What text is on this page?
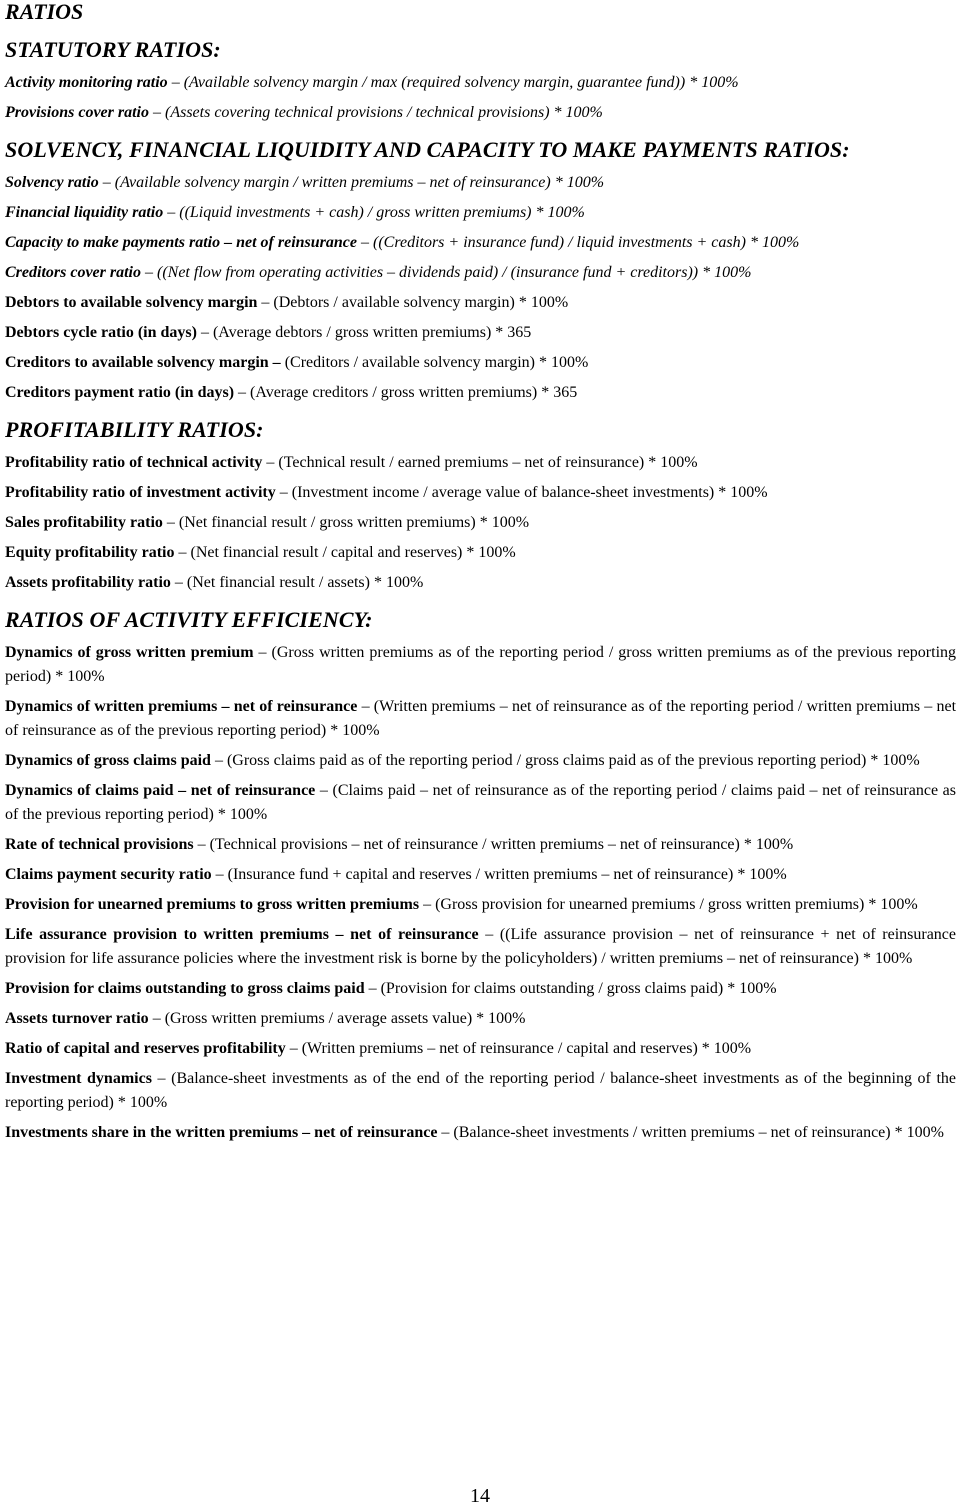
RATIOS
STATUTORY RATIOS:

Activity monitoring ratio – (Available solvency margin / max (required solvency margin, guarantee fund)) * 100%

Provisions cover ratio – (Assets covering technical provisions / technical provisions) * 100%

SOLVENCY, FINANCIAL LIQUIDITY AND CAPACITY TO MAKE PAYMENTS RATIOS:

Solvency ratio – (Available solvency margin / written premiums – net of reinsurance) * 100%

Financial liquidity ratio – ((Liquid investments + cash) / gross written premiums) * 100%

Capacity to make payments ratio – net of reinsurance – ((Creditors + insurance fund) / liquid investments + cash) * 100%

Creditors cover ratio – ((Net flow from operating activities – dividends paid) / (insurance fund + creditors)) * 100%

Debtors to available solvency margin – (Debtors / available solvency margin) * 100%

Debtors cycle ratio (in days) – (Average debtors / gross written premiums) * 365

Creditors to available solvency margin – (Creditors / available solvency margin) * 100%

Creditors payment ratio (in days) – (Average creditors / gross written premiums) * 365

PROFITABILITY RATIOS:

Profitability ratio of technical activity – (Technical result / earned premiums – net of reinsurance) * 100%

Profitability ratio of investment activity – (Investment income / average value of balance-sheet investments) * 100%

Sales profitability ratio – (Net financial result / gross written premiums) * 100%

Equity profitability ratio – (Net financial result / capital and reserves) * 100%

Assets profitability ratio – (Net financial result / assets) * 100%

RATIOS OF ACTIVITY EFFICIENCY:

Dynamics of gross written premium – (Gross written premiums as of the reporting period / gross written premiums as of the previous reporting period) * 100%

Dynamics of written premiums – net of reinsurance – (Written premiums – net of reinsurance as of the reporting period / written premiums – net of reinsurance as of the previous reporting period) * 100%

Dynamics of gross claims paid – (Gross claims paid as of the reporting period / gross claims paid as of the previous reporting period) * 100%

Dynamics of claims paid – net of reinsurance – (Claims paid – net of reinsurance as of the reporting period / claims paid – net of reinsurance as of the previous reporting period) * 100%

Rate of technical provisions – (Technical provisions – net of reinsurance / written premiums – net of reinsurance) * 100%

Claims payment security ratio – (Insurance fund + capital and reserves / written premiums – net of reinsurance) * 100%

Provision for unearned premiums to gross written premiums – (Gross provision for unearned premiums / gross written premiums) * 100%

Life assurance provision to written premiums – net of reinsurance – ((Life assurance provision – net of reinsurance + net of reinsurance provision for life assurance policies where the investment risk is borne by the policyholders) / written premiums – net of reinsurance) * 100%

Provision for claims outstanding to gross claims paid – (Provision for claims outstanding / gross claims paid) * 100%

Assets turnover ratio – (Gross written premiums / average assets value) * 100%

Ratio of capital and reserves profitability – (Written premiums – net of reinsurance / capital and reserves) * 100%

Investment dynamics – (Balance-sheet investments as of the end of the reporting period / balance-sheet investments as of the beginning of the reporting period) * 100%

Investments share in the written premiums – net of reinsurance – (Balance-sheet investments / written premiums – net of reinsurance) * 100%

14
